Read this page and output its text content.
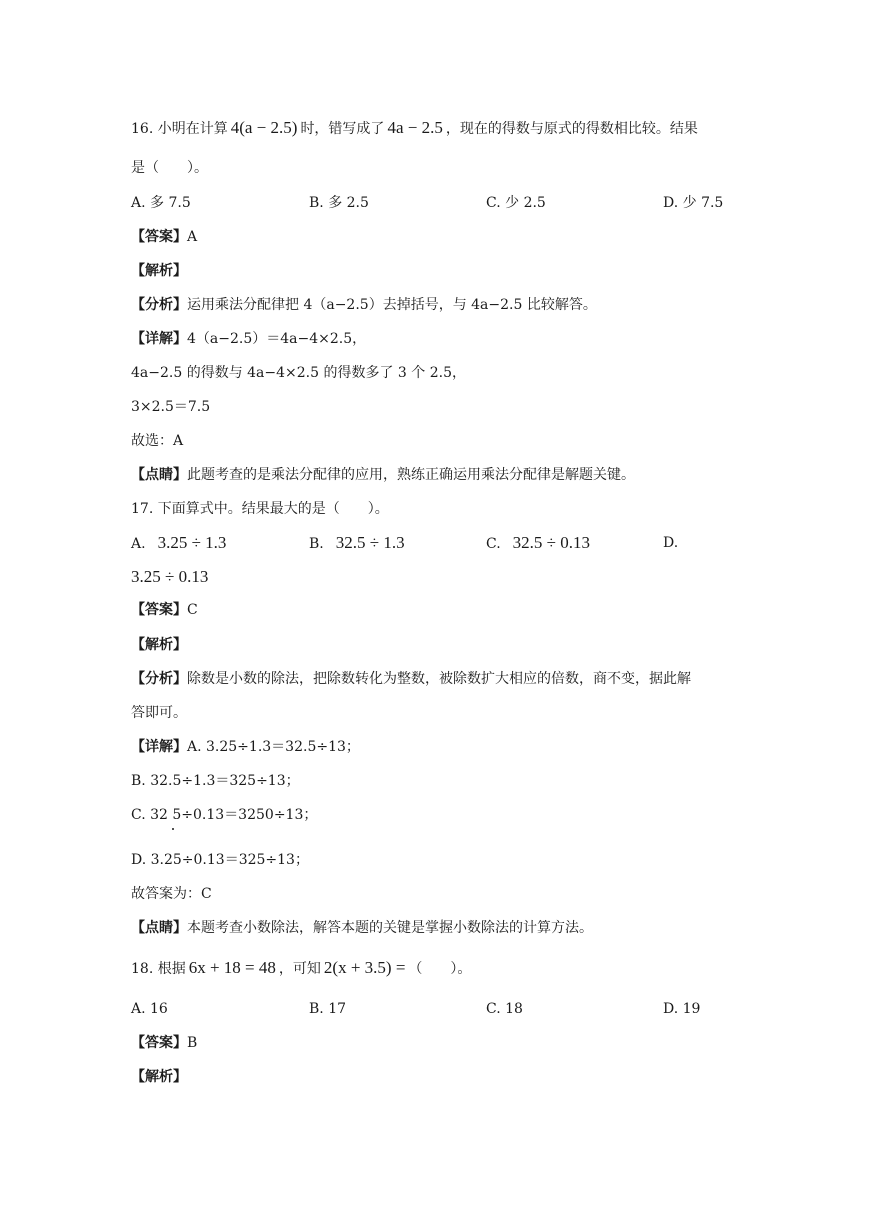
16. 小明在计算 4(a − 2.5) 时，错写成了 4a − 2.5 ，现在的得数与原式的得数相比较。结果
是（　　）。
A. 多 7.5	B. 多 2.5	C. 少 2.5	D. 少 7.5
【答案】A
【解析】
【分析】运用乘法分配律把 4（a−2.5）去掉括号，与 4a−2.5 比较解答。
【详解】4（a−2.5）＝4a−4×2.5，
4a−2.5 的得数与 4a−4×2.5 的得数多了 3 个 2.5，
3×2.5＝7.5
故选：A
【点睛】此题考查的是乘法分配律的应用，熟练正确运用乘法分配律是解题关键。
17. 下面算式中。结果最大的是（　　）。
A. 3.25 ÷ 1.3	B. 32.5 ÷ 1.3	C. 32.5 ÷ 0.13	D.
3.25 ÷ 0.13
【答案】C
【解析】
【分析】除数是小数的除法，把除数转化为整数，被除数扩大相应的倍数，商不变，据此解
答即可。
【详解】A. 3.25÷1.3＝32.5÷13；
B. 32.5÷1.3＝325÷13；
C. 32 5÷0.13＝3250÷13；
D. 3.25÷0.13＝325÷13；
故答案为：C
【点睛】本题考查小数除法，解答本题的关键是掌握小数除法的计算方法。
18. 根据 6x + 18 = 48 ，可知 2(x + 3.5) = （　　）。
A. 16	B. 17	C. 18	D. 19
【答案】B
【解析】
